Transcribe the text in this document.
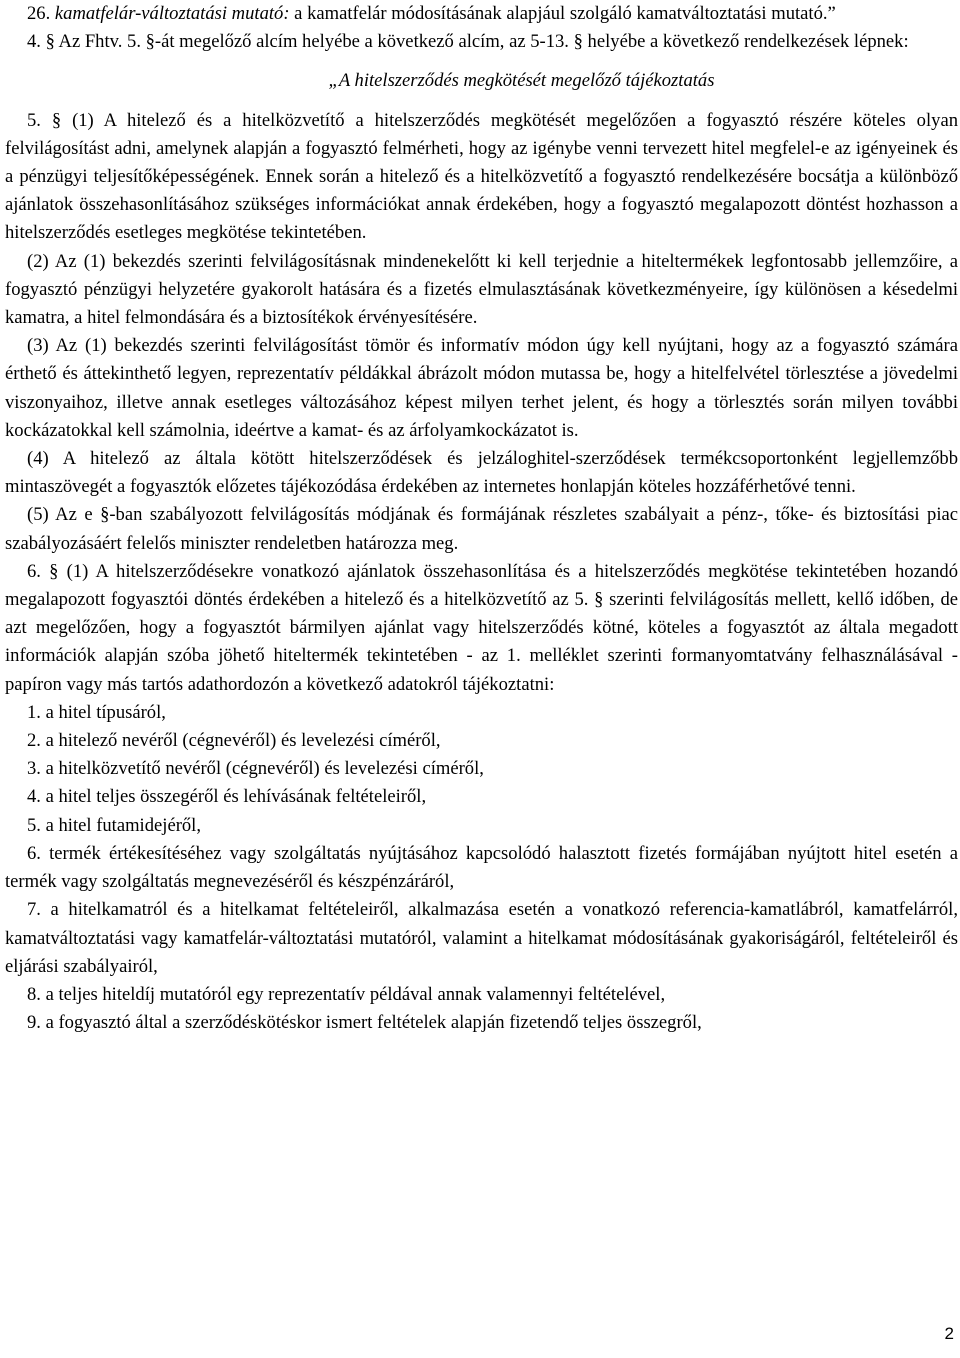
26. kamatfelár-változtatási mutató: a kamatfelár módosításának alapjául szolgáló kamatváltoztatási mutató.”

4. § Az Fhtv. 5. §-át megelőző alcím helyébe a következő alcím, az 5-13. § helyébe a következő rendelkezések lépnek:

„A hitelszerződés megkötését megelőző tájékoztatás

5. § (1) A hitelező és a hitelközvetítő a hitelszerződés megkötését megelőzően a fogyasztó részére köteles olyan felvilágosítást adni, amelynek alapján a fogyasztó felmérheti, hogy az igénybe venni tervezett hitel megfelel-e az igényeinek és a pénzügyi teljesítőképességének. Ennek során a hitelező és a hitelközvetítő a fogyasztó rendelkezésére bocsátja a különböző ajánlatok összehasonlításához szükséges információkat annak érdekében, hogy a fogyasztó megalapozott döntést hozhasson a hitelszerződés esetleges megkötése tekintetében.

(2) Az (1) bekezdés szerinti felvilágosításnak mindenekelőtt ki kell terjednie a hiteltermékek legfontosabb jellemzőire, a fogyasztó pénzügyi helyzetére gyakorolt hatására és a fizetés elmulasztásának következményeire, így különösen a késedelmi kamatra, a hitel felmondására és a biztosítékok érvényesítésére.

(3) Az (1) bekezdés szerinti felvilágosítást tömör és informatív módon úgy kell nyújtani, hogy az a fogyasztó számára érthető és áttekinthető legyen, reprezentatív példákkal ábrázolt módon mutassa be, hogy a hitelfelvétel törlesztése a jövedelmi viszonyaihoz, illetve annak esetleges változásához képest milyen terhet jelent, és hogy a törlesztés során milyen további kockázatokkal kell számolnia, ideértve a kamat- és az árfolyamkockázatot is.

(4) A hitelező az általa kötött hitelszerződések és jelzáloghitel-szerződések termékcsoportonként legjellemzőbb mintaszövegét a fogyasztók előzetes tájékozódása érdekében az internetes honlapján köteles hozzáférhetővé tenni.

(5) Az e §-ban szabályozott felvilágosítás módjának és formájának részletes szabályait a pénz-, tőke- és biztosítási piac szabályozásáért felelős miniszter rendeletben határozza meg.

6. § (1) A hitelszerződésekre vonatkozó ajánlatok összehasonlítása és a hitelszerződés megkötése tekintetében hozandó megalapozott fogyasztói döntés érdekében a hitelező és a hitelközvetítő az 5. § szerinti felvilágosítás mellett, kellő időben, de azt megelőzően, hogy a fogyasztót bármilyen ajánlat vagy hitelszerződés kötné, köteles a fogyasztót az általa megadott információk alapján szóba jöhető hiteltermék tekintetében - az 1. melléklet szerinti formanyomtatvány felhasználásával - papíron vagy más tartós adathordozón a következő adatokról tájékoztatni:

1. a hitel típusáról,

2. a hitelező nevéről (cégnevéről) és levelezési címéről,

3. a hitelközvetítő nevéről (cégnevéről) és levelezési címéről,

4. a hitel teljes összegéről és lehívásának feltételeiről,

5. a hitel futamidejéről,

6. termék értékesítéséhez vagy szolgáltatás nyújtásához kapcsolódó halasztott fizetés formájában nyújtott hitel esetén a termék vagy szolgáltatás megnevezéséről és készpénzáráról,

7. a hitelkamatról és a hitelkamat feltételeiről, alkalmazása esetén a vonatkozó referencia-kamatlábról, kamatfelárról, kamatváltoztatási vagy kamatfelár-változtatási mutatóról, valamint a hitelkamat módosításának gyakoriságáról, feltételeiről és eljárási szabályairól,

8. a teljes hiteldíj mutatóról egy reprezentatív példával annak valamennyi feltételével,

9. a fogyasztó által a szerződéskötéskor ismert feltételek alapján fizetendő teljes összegről,

2
